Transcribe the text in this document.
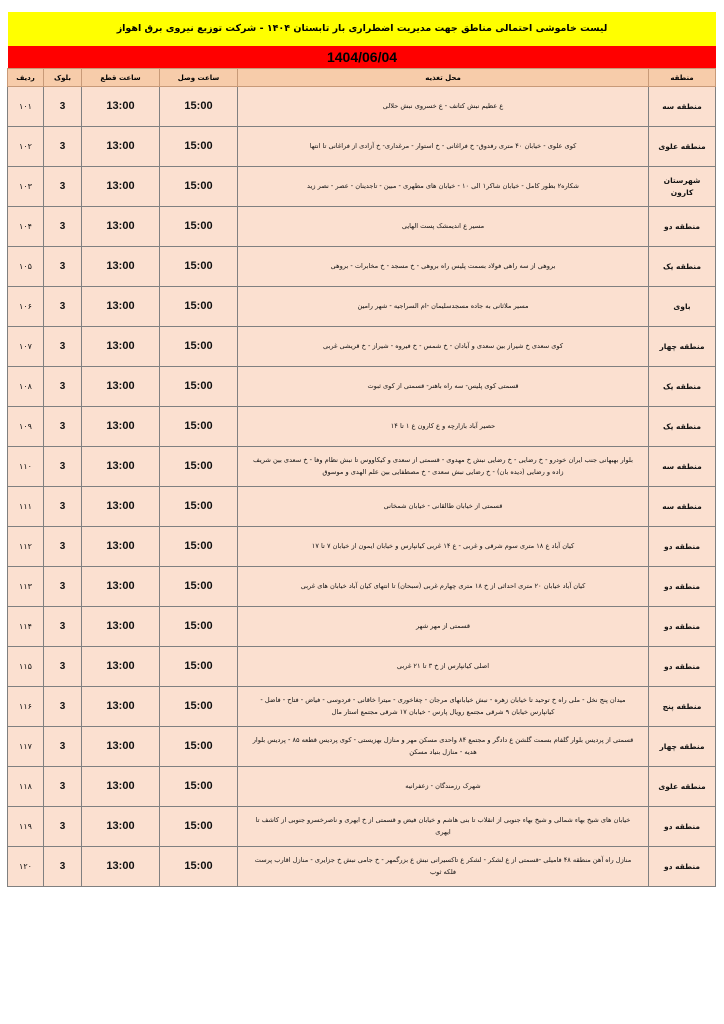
لیست خاموشی احتمالی مناطق جهت مدیریت اضطراری بار تابستان ۱۴۰۴ - شرکت توزیع نیروی برق اهواز
1404/06/04
منطقه	محل تغذیه	ساعت وصل	ساعت قطع	بلوک	ردیف
منطقه سه	ع عظیم نبش کتانف - ع خسروی نبش حلالی	15:00	13:00	3	۱۰۱
منطقه علوی	کوی علوی - خیابان ۴۰ متری رفدوق- خ فراغانی - خ استوار - مرغداری- خ آزادی از فراغانی تا انتها	15:00	13:00	3	۱۰۲
شهرستان کارون	شکاره۲ بطور کامل - خیابان شاکر۱ الی ۱۰ - خیابان های مطهری - مبین - تاجدینان - عصر - نصر زید	15:00	13:00	3	۱۰۳
منطقه دو	مسیر ع اندیمشک پست الهایی	15:00	13:00	3	۱۰۴
منطقه یک	بروهی از سه راهی فولاد بسمت پلیس راه بروهی - خ مسجد - خ مخابرات - بروهی	15:00	13:00	3	۱۰۵
باوی	مسیر ملاثانی به جاده مسجدسلیمان -ام السراجیه - شهر رامین	15:00	13:00	3	۱۰۶
منطقه چهار	کوی سعدی خ شیراز بین سعدی و آبادان - خ شمس - خ فیروه - شیراز - خ قریشی غربی	15:00	13:00	3	۱۰۷
منطقه یک	قسمتی کوی پلیس- سه راه باهنر- قسمتی از کوی ثبوت	15:00	13:00	3	۱۰۸
منطقه یک	حصیر آباد بازارچه و ع کارون ع ۱ تا ۱۴	15:00	13:00	3	۱۰۹
منطقه سه	بلوار بهبهانی جنب ایران خودرو - خ رضایی - خ رضایی نبش خ مهدوی - قسمتی از سعدی و کیکاووس تا نبش نظام وفا - خ سعدی بین شریف زاده و رضایی (دیده بان) - خ رضایی نبش سعدی - خ مصطفایی بین علم الهدی و موسوق	15:00	13:00	3	۱۱۰
منطقه سه	قسمتی از خیابان طالقانی - خیابان شمخانی	15:00	13:00	3	۱۱۱
منطقه دو	کیان آباد ع ۱۸ متری سوم شرقی و غربی - ع ۱۴ غربی کیانپارس و خیابان ایمون از خیابان ۷ تا ۱۷	15:00	13:00	3	۱۱۲
منطقه دو	کیان آباد خیابان ۲۰ متری احداثی از خ ۱۸ متری چهارم غربی (سبحان) تا انتهای کیان آباد خیابان های غربی	15:00	13:00	3	۱۱۳
منطقه دو	قسمتی از مهر شهر	15:00	13:00	3	۱۱۴
منطقه دو	اصلی کیانپارس از خ ۳ تا ۲۱ غربی	15:00	13:00	3	۱۱۵
منطقه پنج	میدان پنج نخل - ملی راه خ توحید تا خیابان زهره - نبش خیابانهای مرجان - چغاخوری - میترا خاقانی - فردوسی - فیاض - فتاح - فاضل - کیانپارس خیابان ۹ شرقی مجتمع رویال پارس - خیابان ۱۷ شرقی مجتمع استار مال	15:00	13:00	3	۱۱۶
منطقه چهار	قسمتی از پردیس بلوار گلفام بسمت گلشن ع دادگر و مجتمع ۸۴ واحدی مسکن مهر و منازل بهزیستی - کوی پردیس قطعه ۸۵ - پردیس بلوار هدیه - منازل بنیاد مسکن	15:00	13:00	3	۱۱۷
منطقه علوی	شهرک رزمندگان - زعفرانیه	15:00	13:00	3	۱۱۸
منطقه دو	خیابان های شیخ بهاء شمالی و شیخ بهاء جنوبی از انقلاب تا بنی هاشم و خیابان فیض و قسمتی از خ ایهری و ناصرخسرو جنوبی از کاشف تا ایهری	15:00	13:00	3	۱۱۹
منطقه دو	منازل راه آهن منطقه ۴۸ فامیلی -قسمتی از ع لشکر - لشکر ع تاکسیرانی نبش ع بزرگمهر - خ جامی نبش خ جزایری - منازل اقارب پرست فلکه ثوب	15:00	13:00	3	۱۲۰
